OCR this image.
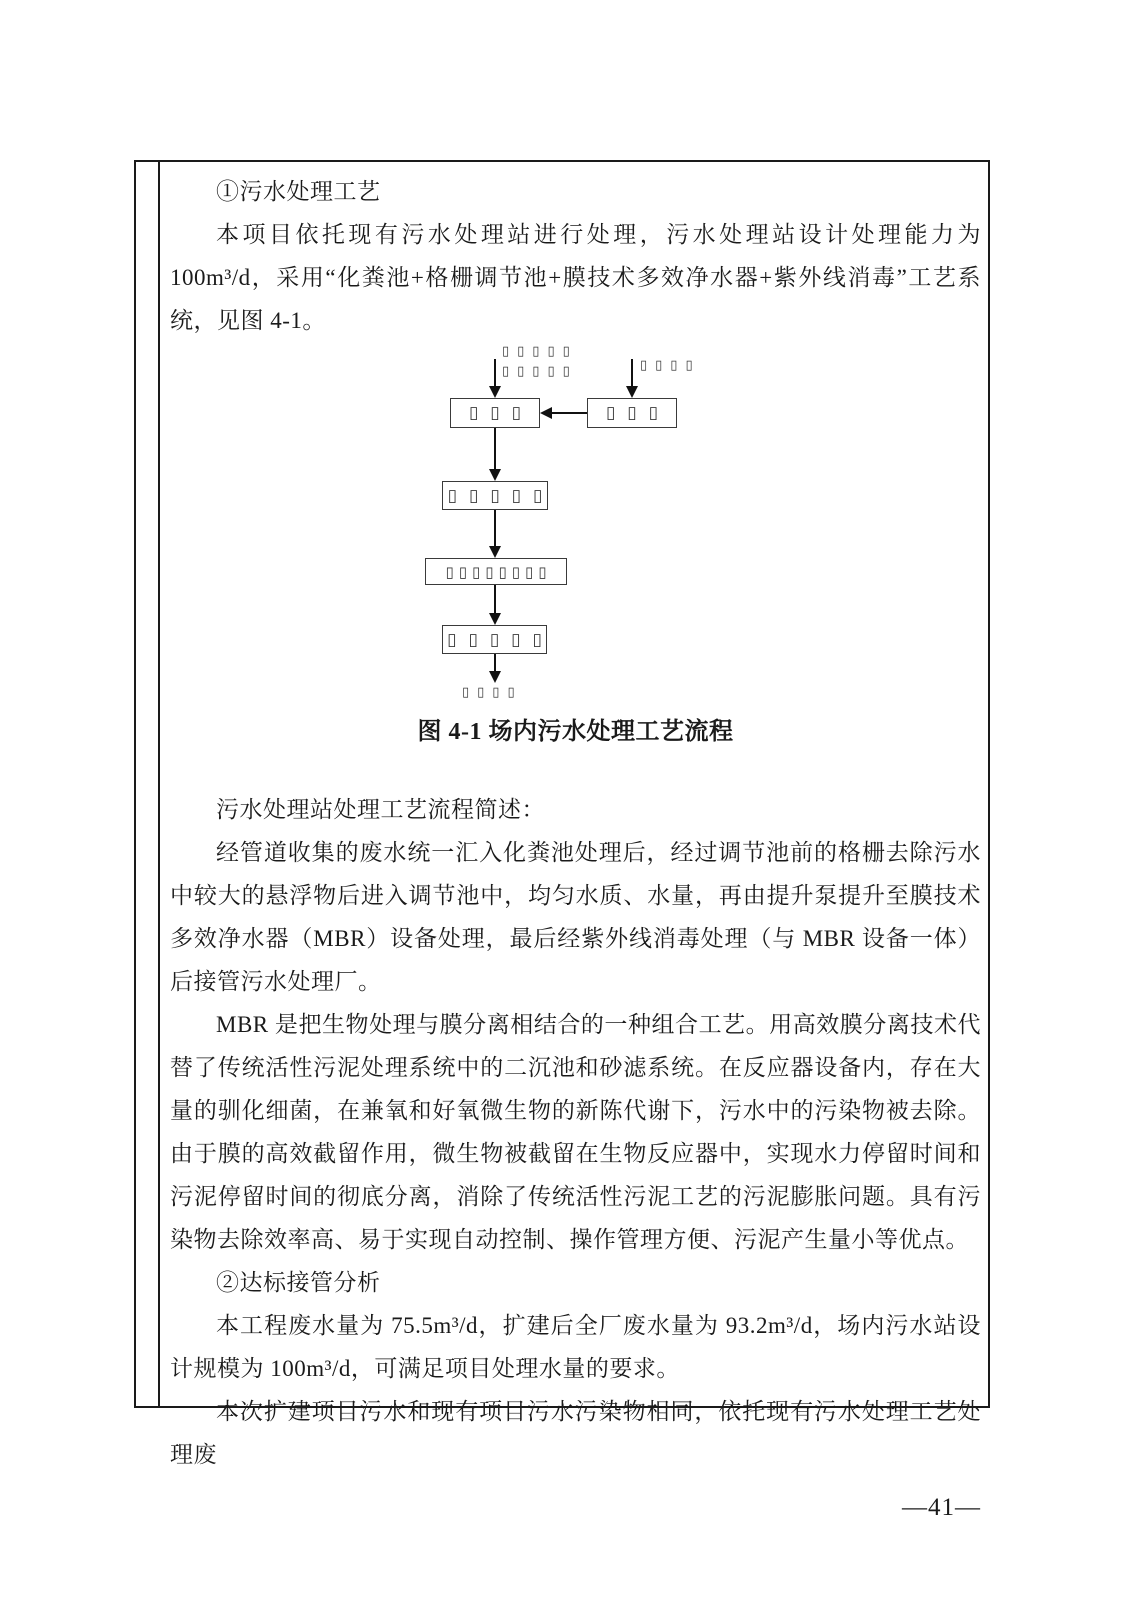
①污水处理工艺

本项目依托现有污水处理站进行处理，污水处理站设计处理能力为 100m³/d，采用“化粪池+格栅调节池+膜技术多效净水器+紫外线消毒”工艺系统，见图 4-1。

▯▯▯▯▯
▯▯▯▯▯	▯▯▯▯
▯▯▯	▯▯▯
▯▯▯▯▯
▯▯▯▯▯▯▯▯
▯▯▯▯▯
▯▯▯▯

图 4-1 场内污水处理工艺流程

污水处理站处理工艺流程简述：

经管道收集的废水统一汇入化粪池处理后，经过调节池前的格栅去除污水中较大的悬浮物后进入调节池中，均匀水质、水量，再由提升泵提升至膜技术多效净水器（MBR）设备处理，最后经紫外线消毒处理（与 MBR 设备一体）后接管污水处理厂。

MBR 是把生物处理与膜分离相结合的一种组合工艺。用高效膜分离技术代替了传统活性污泥处理系统中的二沉池和砂滤系统。在反应器设备内，存在大量的驯化细菌，在兼氧和好氧微生物的新陈代谢下，污水中的污染物被去除。由于膜的高效截留作用，微生物被截留在生物反应器中，实现水力停留时间和污泥停留时间的彻底分离，消除了传统活性污泥工艺的污泥膨胀问题。具有污染物去除效率高、易于实现自动控制、操作管理方便、污泥产生量小等优点。

②达标接管分析

本工程废水量为 75.5m³/d，扩建后全厂废水量为 93.2m³/d，场内污水站设计规模为 100m³/d，可满足项目处理水量的要求。

本次扩建项目污水和现有项目污水污染物相同，依托现有污水处理工艺处理废

—41—
